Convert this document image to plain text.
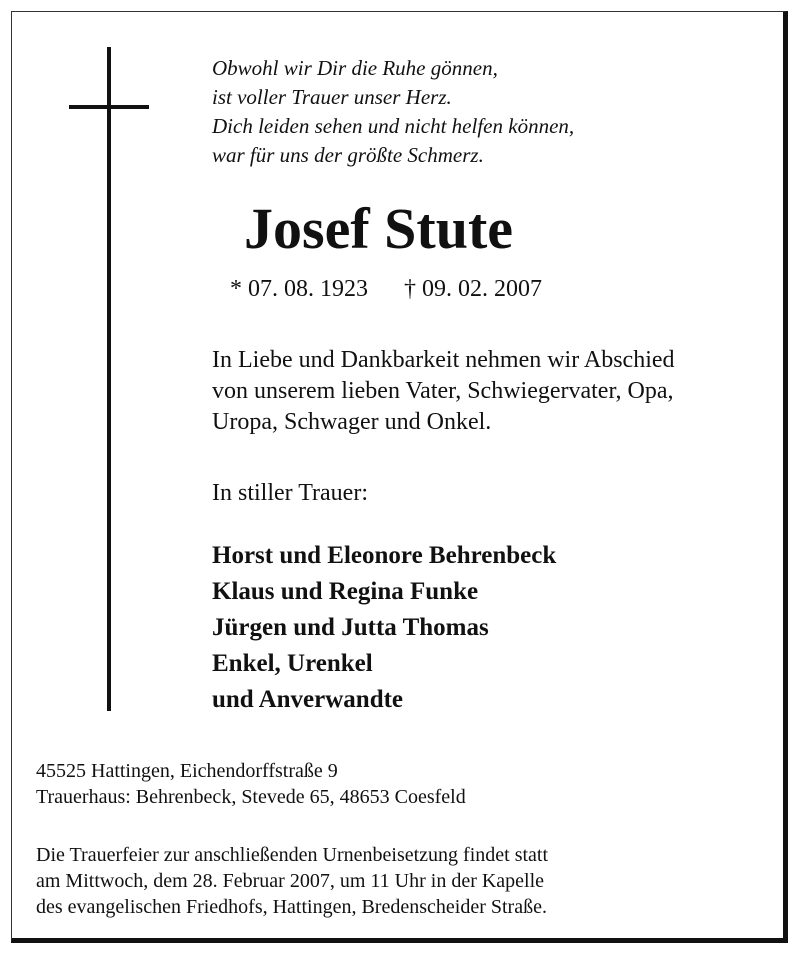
Obwohl wir Dir die Ruhe gönnen,
ist voller Trauer unser Herz.
Dich leiden sehen und nicht helfen können,
war für uns der größte Schmerz.
Josef Stute
* 07. 08. 1923 † 09. 02. 2007
In Liebe und Dankbarkeit nehmen wir Abschied
von unserem lieben Vater, Schwiegervater, Opa,
Uropa, Schwager und Onkel.
In stiller Trauer:
Horst und Eleonore Behrenbeck
Klaus und Regina Funke
Jürgen und Jutta Thomas
Enkel, Urenkel
und Anverwandte
45525 Hattingen, Eichendorffstraße 9
Trauerhaus: Behrenbeck, Stevede 65, 48653 Coesfeld
Die Trauerfeier zur anschließenden Urnenbeisetzung findet statt
am Mittwoch, dem 28. Februar 2007, um 11 Uhr in der Kapelle
des evangelischen Friedhofs, Hattingen, Bredenscheider Straße.
